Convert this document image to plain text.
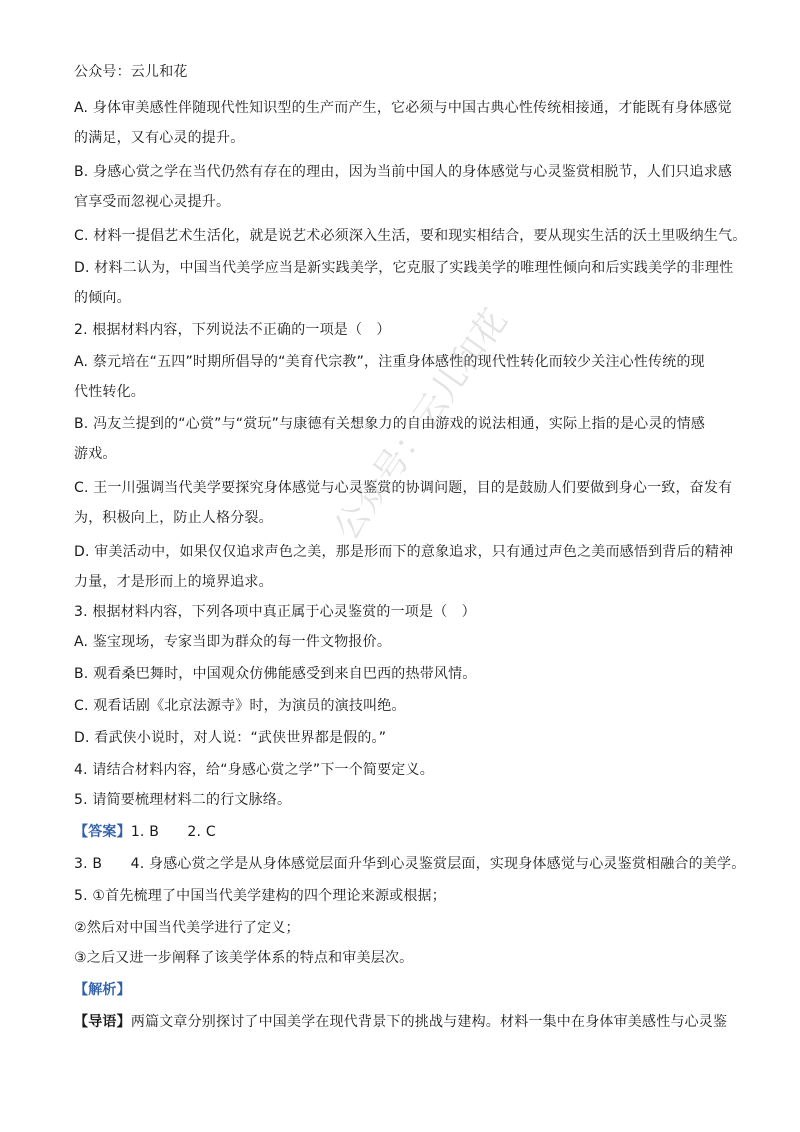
公众号：云儿和花
A. 身体审美感性伴随现代性知识型的生产而产生，它必须与中国古典心性传统相接通，才能既有身体感觉
的满足，又有心灵的提升。
B. 身感心赏之学在当代仍然有存在的理由，因为当前中国人的身体感觉与心灵鉴赏相脱节，人们只追求感
官享受而忽视心灵提升。
C. 材料一提倡艺术生活化，就是说艺术必须深入生活，要和现实相结合，要从现实生活的沃土里吸纳生气。
D. 材料二认为，中国当代美学应当是新实践美学，它克服了实践美学的唯理性倾向和后实践美学的非理性
的倾向。
2. 根据材料内容，下列说法不正确的一项是（　）
A. 蔡元培在“五四”时期所倡导的“美育代宗教”，注重身体感性的现代性转化而较少关注心性传统的现
代性转化。
B. 冯友兰提到的“心赏”与“赏玩”与康德有关想象力的自由游戏的说法相通，实际上指的是心灵的情感
游戏。
C. 王一川强调当代美学要探究身体感觉与心灵鉴赏的协调问题，目的是鼓励人们要做到身心一致，奋发有
为，积极向上，防止人格分裂。
D. 审美活动中，如果仅仅追求声色之美，那是形而下的意象追求，只有通过声色之美而感悟到背后的精神
力量，才是形而上的境界追求。
3. 根据材料内容，下列各项中真正属于心灵鉴赏的一项是（　）
A. 鉴宝现场，专家当即为群众的每一件文物报价。
B. 观看桑巴舞时，中国观众仿佛能感受到来自巴西的热带风情。
C. 观看话剧《北京法源寺》时，为演员的演技叫绝。
D. 看武侠小说时，对人说：“武侠世界都是假的。”
4. 请结合材料内容，给“身感心赏之学”下一个简要定义。
5. 请简要梳理材料二的行文脉络。
【答案】1. B　　2. C
3. B　　4. 身感心赏之学是从身体感觉层面升华到心灵鉴赏层面，实现身体感觉与心灵鉴赏相融合的美学。
5. ①首先梳理了中国当代美学建构的四个理论来源或根据；
②然后对中国当代美学进行了定义；
③之后又进一步阐释了该美学体系的特点和审美层次。
【解析】
【导语】两篇文章分别探讨了中国美学在现代背景下的挑战与建构。材料一集中在身体审美感性与心灵鉴
公众号：云儿和花
